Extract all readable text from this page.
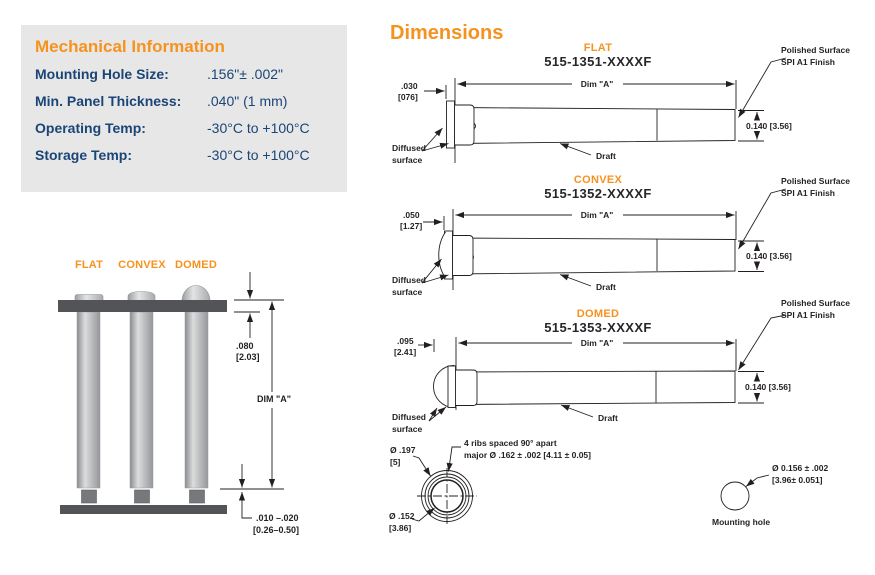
Mechanical Information
Mounting Hole Size:	.156"± .002"
Min. Panel Thickness: .040" (1 mm)
Operating Temp:	-30°C to +100°C
Storage Temp:	-30°C to +100°C
Dimensions
FLAT
515-1351-XXXXF
.030
[076]
Dim "A"
Polished Surface
SPI A1 Finish
0.140 [3.56]
Diffused
surface	Draft
CONVEX
515-1352-XXXXF
.050
[1.27]
Dim "A"
Polished Surface
SPI A1 Finish
0.140 [3.56]
Diffused
surface	Draft
DOMED
515-1353-XXXXF
.095
[2.41]
Dim "A"
Polished Surface
SPI A1 Finish
0.140 [3.56]
Diffused
surface
Draft
FLAT CONVEX DOMED
.080
[2.03]
DIM "A"
.010 –.020
[0.26–0.50]
Ø .197
[5]
4 ribs spaced 90° apart
major Ø .162 ± .002 [4.11 ± 0.05]
Ø .152
[3.86]
Ø 0.156 ± .002
[3.96± 0.051]
Mounting hole
